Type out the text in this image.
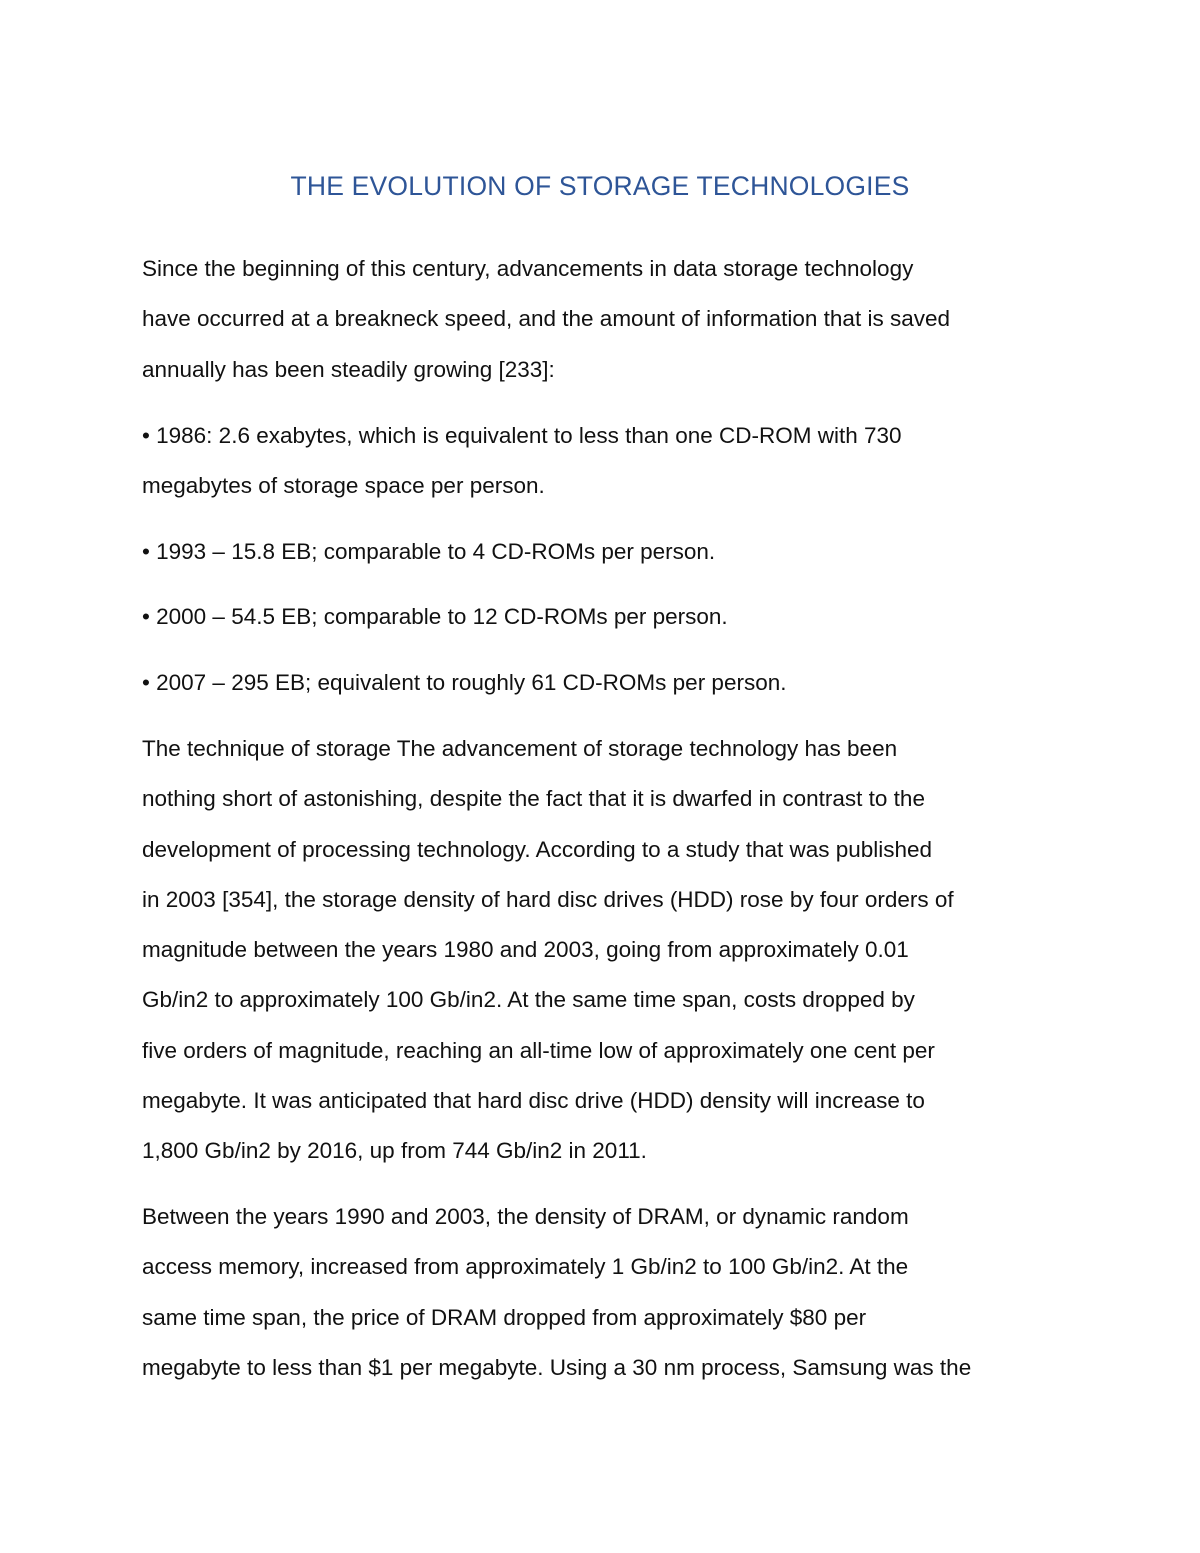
THE EVOLUTION OF STORAGE TECHNOLOGIES
Since the beginning of this century, advancements in data storage technology
have occurred at a breakneck speed, and the amount of information that is saved
annually has been steadily growing [233]:
• 1986: 2.6 exabytes, which is equivalent to less than one CD-ROM with 730
megabytes of storage space per person.
• 1993 – 15.8 EB; comparable to 4 CD-ROMs per person.
• 2000 – 54.5 EB; comparable to 12 CD-ROMs per person.
• 2007 – 295 EB; equivalent to roughly 61 CD-ROMs per person.
The technique of storage The advancement of storage technology has been
nothing short of astonishing, despite the fact that it is dwarfed in contrast to the
development of processing technology. According to a study that was published
in 2003 [354], the storage density of hard disc drives (HDD) rose by four orders of
magnitude between the years 1980 and 2003, going from approximately 0.01
Gb/in2 to approximately 100 Gb/in2. At the same time span, costs dropped by
five orders of magnitude, reaching an all-time low of approximately one cent per
megabyte. It was anticipated that hard disc drive (HDD) density will increase to
1,800 Gb/in2 by 2016, up from 744 Gb/in2 in 2011.
Between the years 1990 and 2003, the density of DRAM, or dynamic random
access memory, increased from approximately 1 Gb/in2 to 100 Gb/in2. At the
same time span, the price of DRAM dropped from approximately $80 per
megabyte to less than $1 per megabyte. Using a 30 nm process, Samsung was the
